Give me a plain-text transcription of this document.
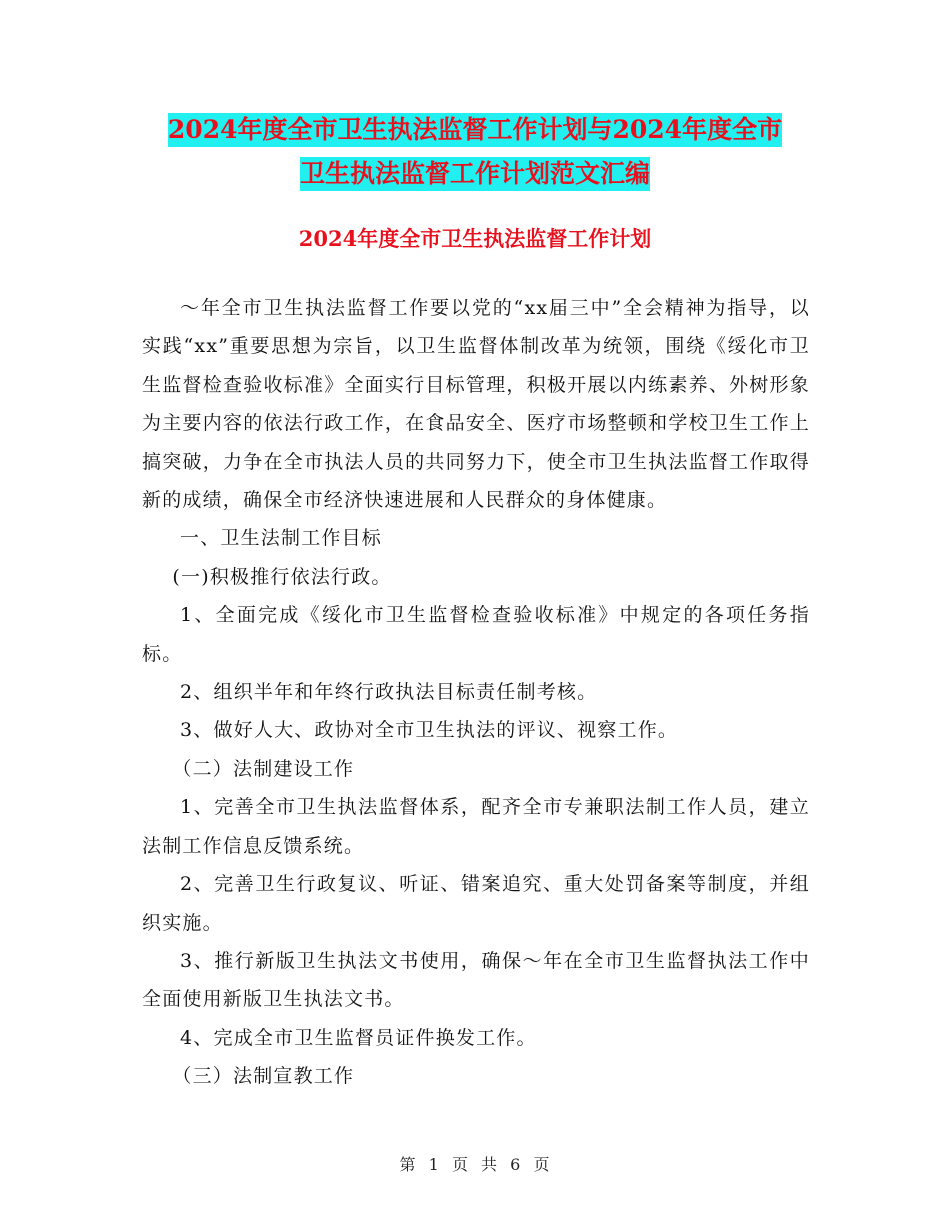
2024年度全市卫生执法监督工作计划与2024年度全市
卫生执法监督工作计划范文汇编
2024年度全市卫生执法监督工作计划

～年全市卫生执法监督工作要以党的“xx届三中”全会精神为指导，以实践“xx”重要思想为宗旨，以卫生监督体制改革为统领，围绕《绥化市卫生监督检查验收标准》全面实行目标管理，积极开展以内练素养、外树形象为主要内容的依法行政工作，在食品安全、医疗市场整顿和学校卫生工作上搞突破，力争在全市执法人员的共同努力下，使全市卫生执法监督工作取得新的成绩，确保全市经济快速进展和人民群众的身体健康。

一、卫生法制工作目标

(一)积极推行依法行政。

1、全面完成《绥化市卫生监督检查验收标准》中规定的各项任务指标。

2、组织半年和年终行政执法目标责任制考核。

3、做好人大、政协对全市卫生执法的评议、视察工作。

（二）法制建设工作

1、完善全市卫生执法监督体系，配齐全市专兼职法制工作人员，建立法制工作信息反馈系统。

2、完善卫生行政复议、听证、错案追究、重大处罚备案等制度，并组织实施。

3、推行新版卫生执法文书使用，确保～年在全市卫生监督执法工作中全面使用新版卫生执法文书。

4、完成全市卫生监督员证件换发工作。

（三）法制宣教工作

第 1 页 共 6 页
